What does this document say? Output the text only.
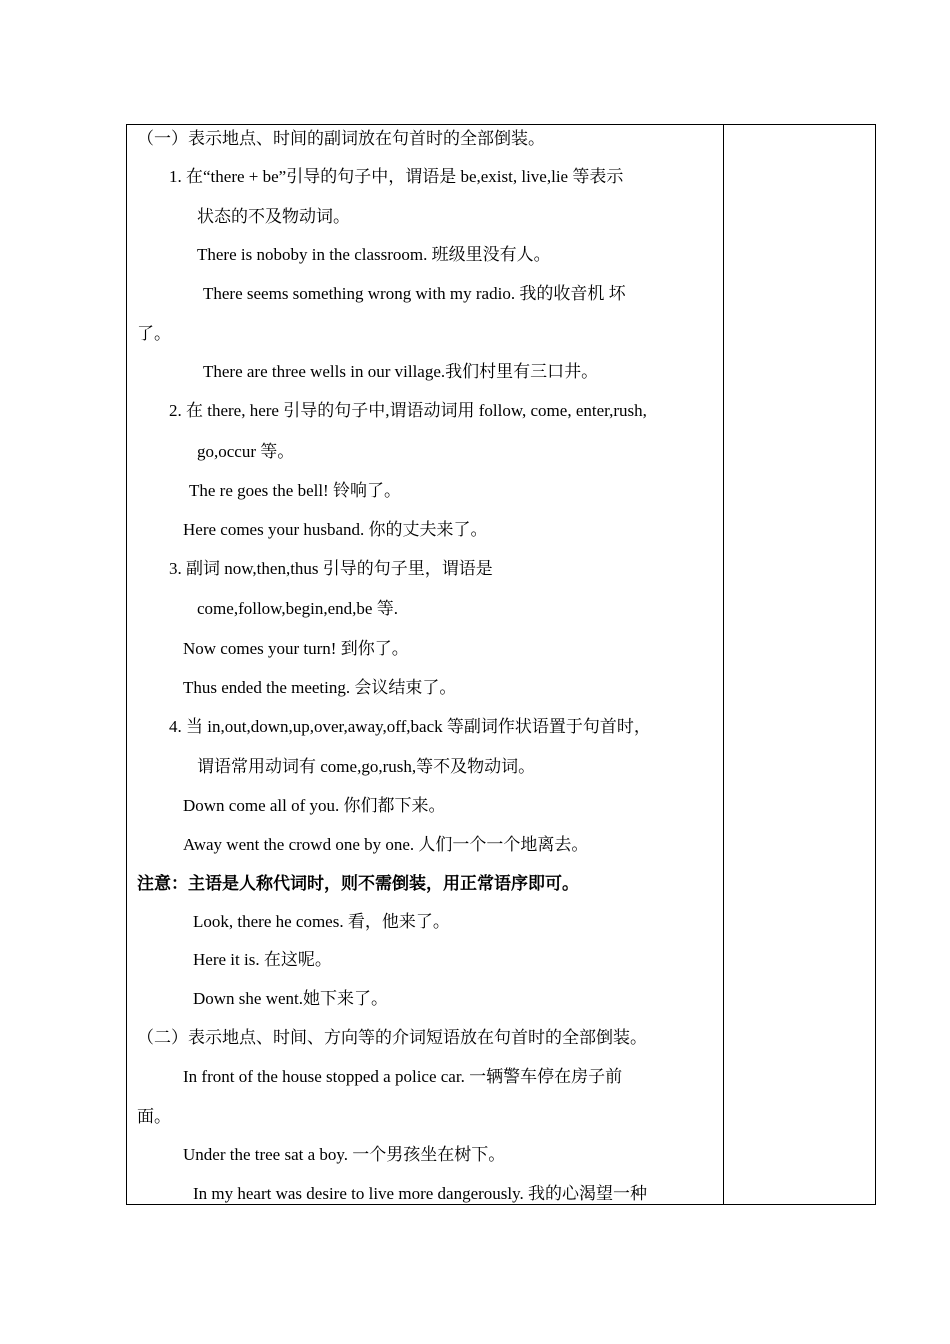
（一）表示地点、时间的副词放在句首时的全部倒装。
1. 在“there + be”引导的句子中，谓语是 be,exist, live,lie 等表示
状态的不及物动词。
There is noboby in the classroom. 班级里没有人。
There seems something wrong with my radio. 我的收音机 坏
了。
There are three wells in our village.我们村里有三口井。
2. 在 there, here 引导的句子中,谓语动词用 follow, come, enter,rush,
go,occur 等。
The re goes the bell! 铃响了。
Here comes your husband. 你的丈夫来了。
3. 副词 now,then,thus 引导的句子里，谓语是
come,follow,begin,end,be 等.
Now comes your turn! 到你了。
Thus ended the meeting. 会议结束了。
4. 当 in,out,down,up,over,away,off,back 等副词作状语置于句首时，
谓语常用动词有 come,go,rush,等不及物动词。
Down come all of you. 你们都下来。
Away went the crowd one by one. 人们一个一个地离去。
注意：主语是人称代词时，则不需倒装，用正常语序即可。
Look, there he comes. 看，他来了。
Here it is. 在这呢。
Down she went.她下来了。
（二）表示地点、时间、方向等的介词短语放在句首时的全部倒装。
In front of the house stopped a police car. 一辆警车停在房子前
面。
Under the tree sat a boy. 一个男孩坐在树下。
In my heart was desire to live more dangerously. 我的心渴望一种
